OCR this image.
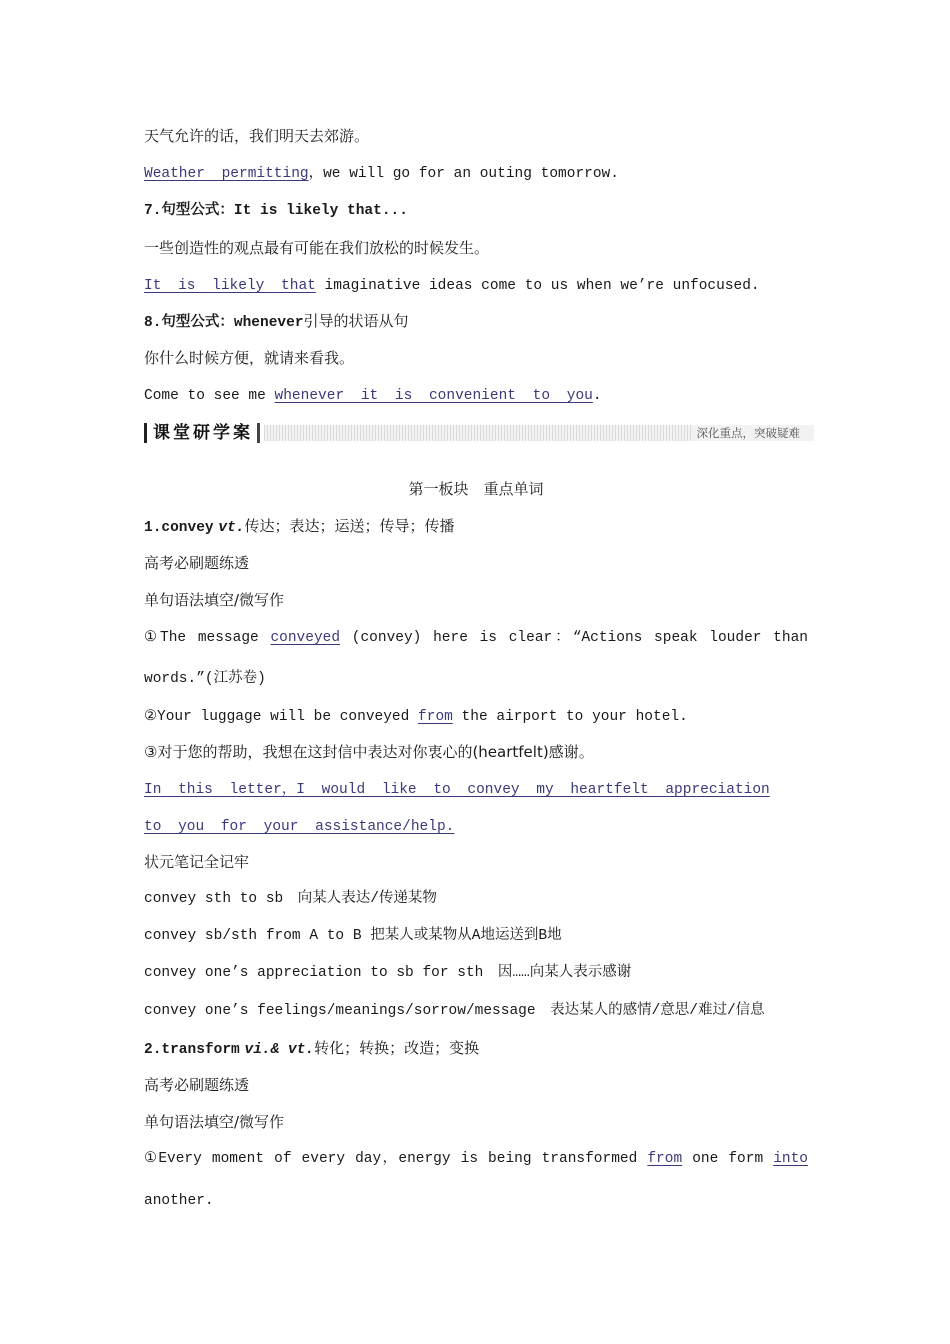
天气允许的话，我们明天去郊游。
Weather permitting，we will go for an outing tomorrow.
7.句型公式：It is likely that...
一些创造性的观点最有可能在我们放松的时候发生。
It is likely that imaginative ideas come to us when we’re unfocused.
8.句型公式：whenever引导的状语从句
你什么时候方便，就请来看我。
Come to see me whenever it is convenient to you.
课堂研学案	深化重点，突破疑难
第一板块　重点单词
1.convey vt.传达；表达；运送；传导；传播
高考必刷题练透
单句语法填空/微写作
①The message conveyed (convey) here is clear：“Actions speak louder than
words.”(江苏卷)
②Your luggage will be conveyed from the airport to your hotel.
③对于您的帮助，我想在这封信中表达对你衷心的(heartfelt)感谢。
In this letter，I would like to convey my heartfelt appreciation
to you for your assistance/help.
状元笔记全记牢
convey sth to sb　向某人表达/传递某物
convey sb/sth from A to B 把某人或某物从A地运送到B地
convey one’s appreciation to sb for sth　因……向某人表示感谢
convey one’s feelings/meanings/sorrow/message　表达某人的感情/意思/难过/信息
2.transform vi.& vt.转化；转换；改造；变换
高考必刷题练透
单句语法填空/微写作
①Every moment of every day，energy is being transformed from one form into
another.
